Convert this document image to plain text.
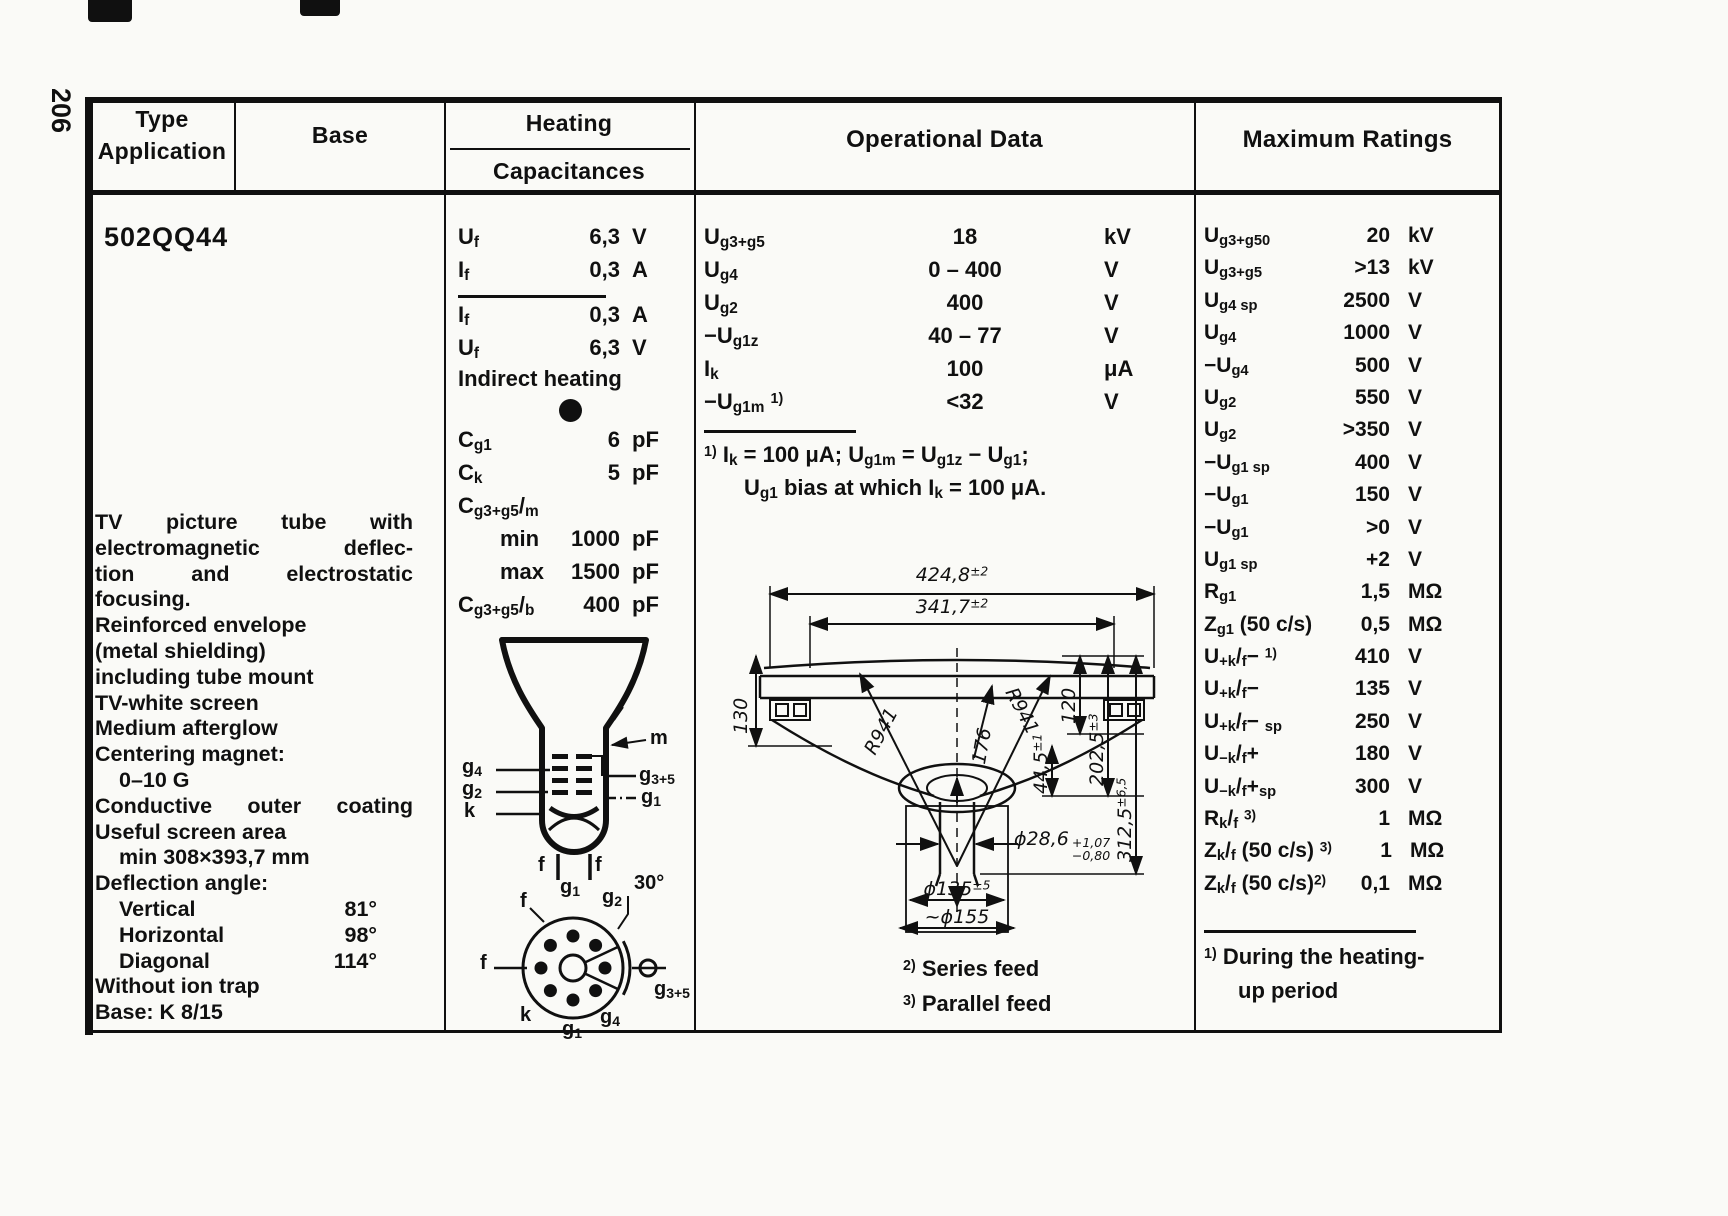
206	Type
Application
Base	Heating
Capacitances
Operational Data	Maximum Ratings
502QQ44
TV picture tube with
electromagnetic deflec-
tion and electrostatic
focusing.
Reinforced envelope
(metal shielding)
including tube mount
TV-white screen
Medium afterglow
Centering magnet:
0–10 G
Conductive outer coating
Useful screen area
min 308×393,7 mm
Deflection angle:
Vertical	81°
Horizontal	98°
Diagonal	114°
Without ion trap
Base: K 8/15
$U_f$	6,3 V
$I_f$	0,3 A
$I_f$	0,3 A
$U_f$	6,3 V
Indirect heating
$C_{g1}$	6 pF
$C_k$	5 pF
$C_{g3+g5}/_m$
min	1000 pF
max	1500 pF
$C_{g3+g5}/_b$	400 pF
$g_4$
$g_2$
k
m
$g_{3+5}$
$g_1$
f	f
$g_1$ $g_2$
30°
f
f
k
$g_1$
$g_4$
$g_{3+5}$
$U_{g3+g5}$	18	kV
$U_{g4}$	0 – 400	V
$U_{g2}$	400	V
$-U_{g1z}$	40 – 77	V
$I_k$	100	μA
$-U_{g1m}$ $^{1)}$	<32	V
$^{1)}$ $I_k = 100$ μA; $U_{g1m} = U_{g1z} - U_{g1}$;
$U_{g1}$ bias at which $I_k = 100$ μA.
$424,8^{\pm 2}$
$341,7^{\pm 2}$
130	R941	R941
176
120
$202,5^{\pm 3}$
$312,5^{\pm 6,5}$
$44,5^{\pm 1}$
ϕ28,6 +1,07
−0,80
$\phi 135^{\pm 5}$
~ϕ155
$^{2)}$ Series feed
$^{3)}$ Parallel feed
$U_{g3+g50}$	20 kV
$U_{g3+g5}$	>13 kV
$U_{g4 sp}$	2500 V
$U_{g4}$	1000 V
$-U_{g4}$	500 V
$U_{g2}$	550 V
$U_{g2}$	>350 V
$-U_{g1 sp}$	400 V
$-U_{g1}$	150 V
$-U_{g1}$	>0 V
$U_{g1 sp}$	+2 V
$R_{g1}$	1,5 MΩ
$Z_{g1}$ (50 c/s)	0,5 MΩ
$U_{+k}/_f- ^{1)}$	410 V
$U_{+k}/_f-$	135 V
$U_{+k}/_f- _{sp}$	250 V
$U_{-k}/_f+$	180 V
$U_{-k}/_f+_{sp}$	300 V
$R_k/_f$ $^{3)}$	1 MΩ
$Z_k/_f$ (50 c/s) $^{3)}$	1 MΩ
$Z_k/_f$ (50 c/s)$^{2)}$	0,1 MΩ
$^{1)}$ During the heating-
up period
